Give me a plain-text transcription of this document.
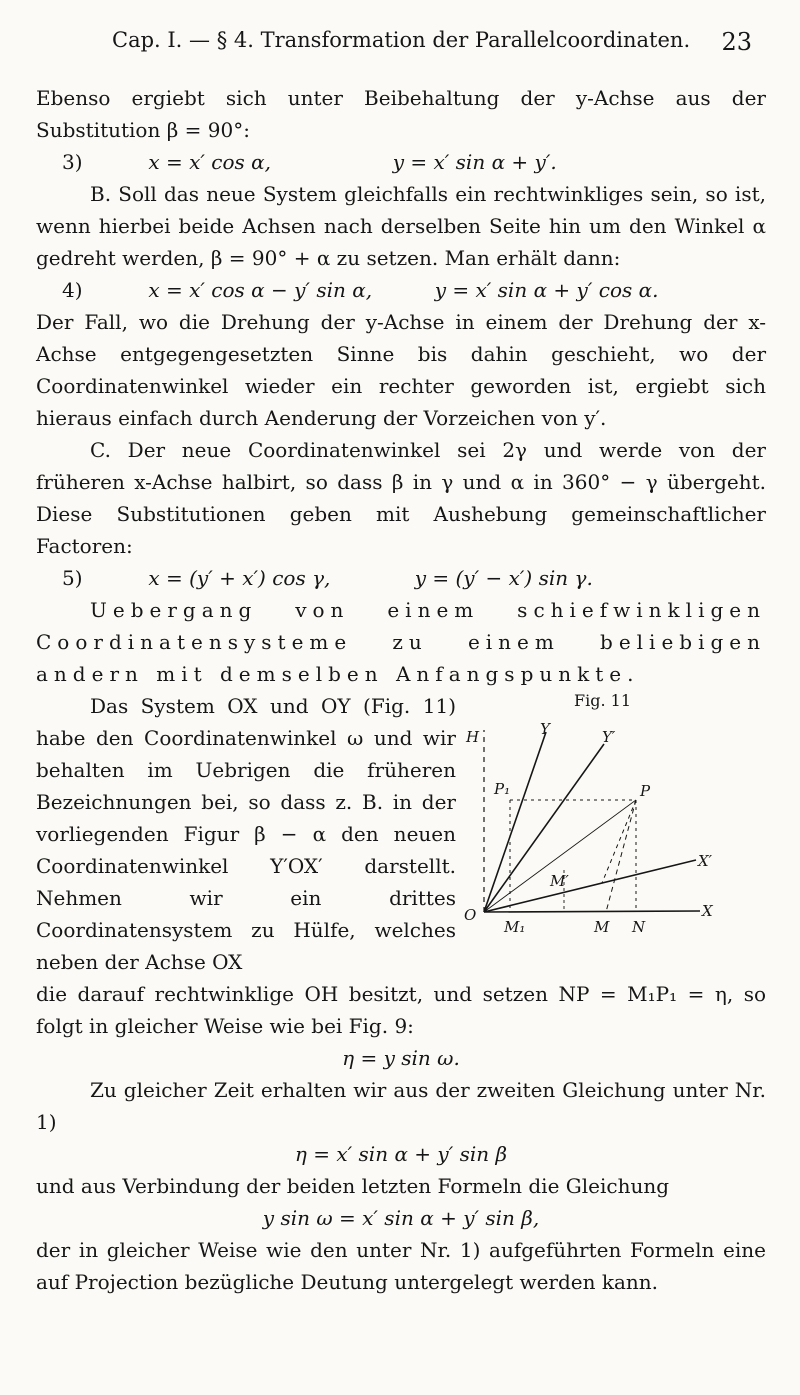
Cap. I. — § 4. Transformation der Parallelcoordinaten. 23

Ebenso ergiebt sich unter Beibehaltung der y-Achse aus der Substitution β = 90°:

3)	x = x′ cos α,	y = x′ sin α + y′.

B. Soll das neue System gleichfalls ein rechtwinkliges sein, so ist, wenn hierbei beide Achsen nach derselben Seite hin um den Winkel α gedreht werden, β = 90° + α zu setzen. Man erhält dann:

4)	x = x′ cos α − y′ sin α,	y = x′ sin α + y′ cos α.

Der Fall, wo die Drehung der y-Achse in einem der Drehung der x-Achse entgegengesetzten Sinne bis dahin geschieht, wo der Coordinatenwinkel wieder ein rechter geworden ist, ergiebt sich hieraus einfach durch Aenderung der Vorzeichen von y′.

C. Der neue Coordinatenwinkel sei 2γ und werde von der früheren x-Achse halbirt, so dass β in γ und α in 360° − γ übergeht. Diese Substitutionen geben mit Aushebung gemeinschaftlicher Factoren:

5)	x = (y′ + x′) cos γ,	y = (y′ − x′) sin γ.

Uebergang von einem schiefwinkligen Coordinatensysteme zu einem beliebigen andern mit demselben Anfangspunkte.

Das System OX und OY (Fig. 11) habe den Coordinatenwinkel ω und wir behalten im Uebrigen die früheren Bezeichnungen bei, so dass z. B. in der vorliegenden Figur β − α den neuen Coordinatenwinkel Y′OX′ darstellt. Nehmen wir ein drittes Coordinatensystem zu Hülfe, welches neben der Achse OX

Fig. 11
H	Y	Y′
P₁	P
X′
X
O
M₁	M N
M′

die darauf rechtwinklige OH besitzt, und setzen NP = M₁P₁ = η, so folgt in gleicher Weise wie bei Fig. 9:

η = y sin ω.

Zu gleicher Zeit erhalten wir aus der zweiten Gleichung unter Nr. 1)

η = x′ sin α + y′ sin β

und aus Verbindung der beiden letzten Formeln die Gleichung

y sin ω = x′ sin α + y′ sin β,

der in gleicher Weise wie den unter Nr. 1) aufgeführten Formeln eine auf Projection bezügliche Deutung untergelegt werden kann.
